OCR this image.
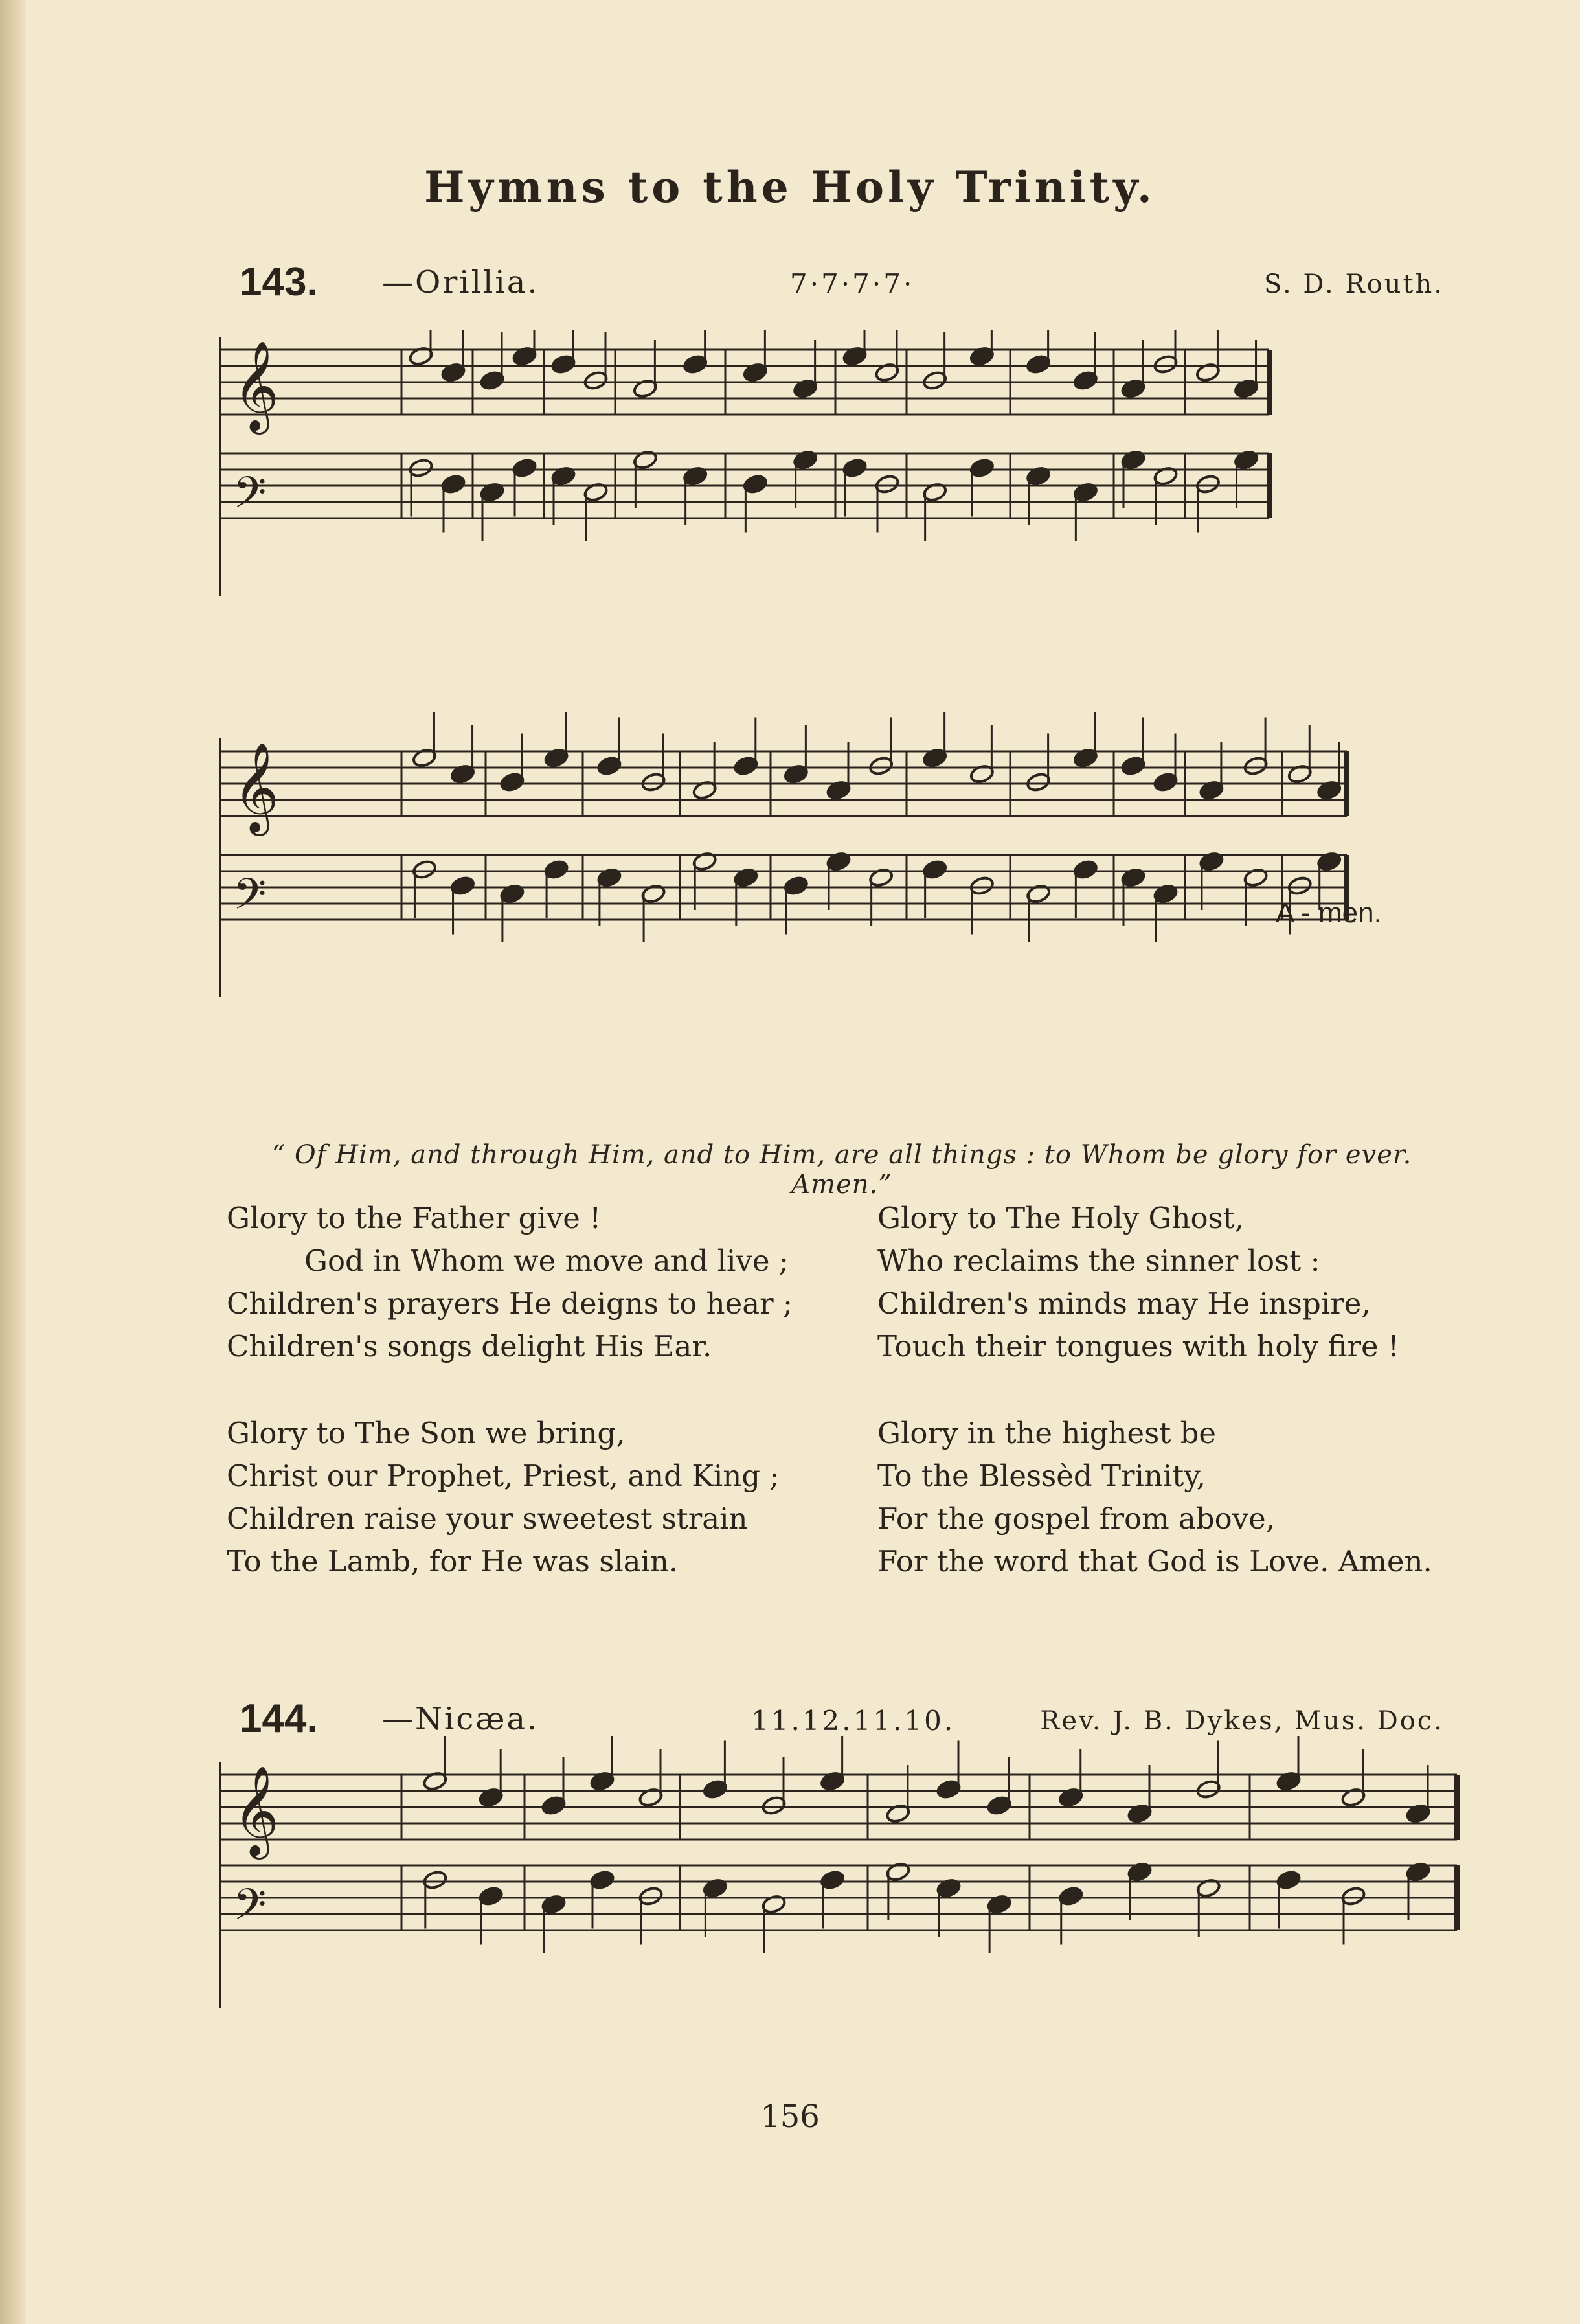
Hymns to the Holy Trinity.
143. —Orillia.	7·7·7·7·	S. D. Routh.
𝄞
𝄢
𝄞
𝄢	A - men.
“ Of Him, and through Him, and to Him, are all things : to Whom be glory for ever. Amen.”
Glory to the Father give !
God in Whom we move and live ;
Children's prayers He deigns to hear ;
Children's songs delight His Ear.
Glory to The Holy Ghost,
Who reclaims the sinner lost :
Children's minds may He inspire,
Touch their tongues with holy fire !
Glory to The Son we bring,
Christ our Prophet, Priest, and King ;
Children raise your sweetest strain
To the Lamb, for He was slain.
Glory in the highest be
To the Blessèd Trinity,
For the gospel from above,
For the word that God is Love. Amen.
144. —Nicæa.	11.12.11.10.	Rev. J. B. Dykes, Mus. Doc.
𝄞
𝄢
156
